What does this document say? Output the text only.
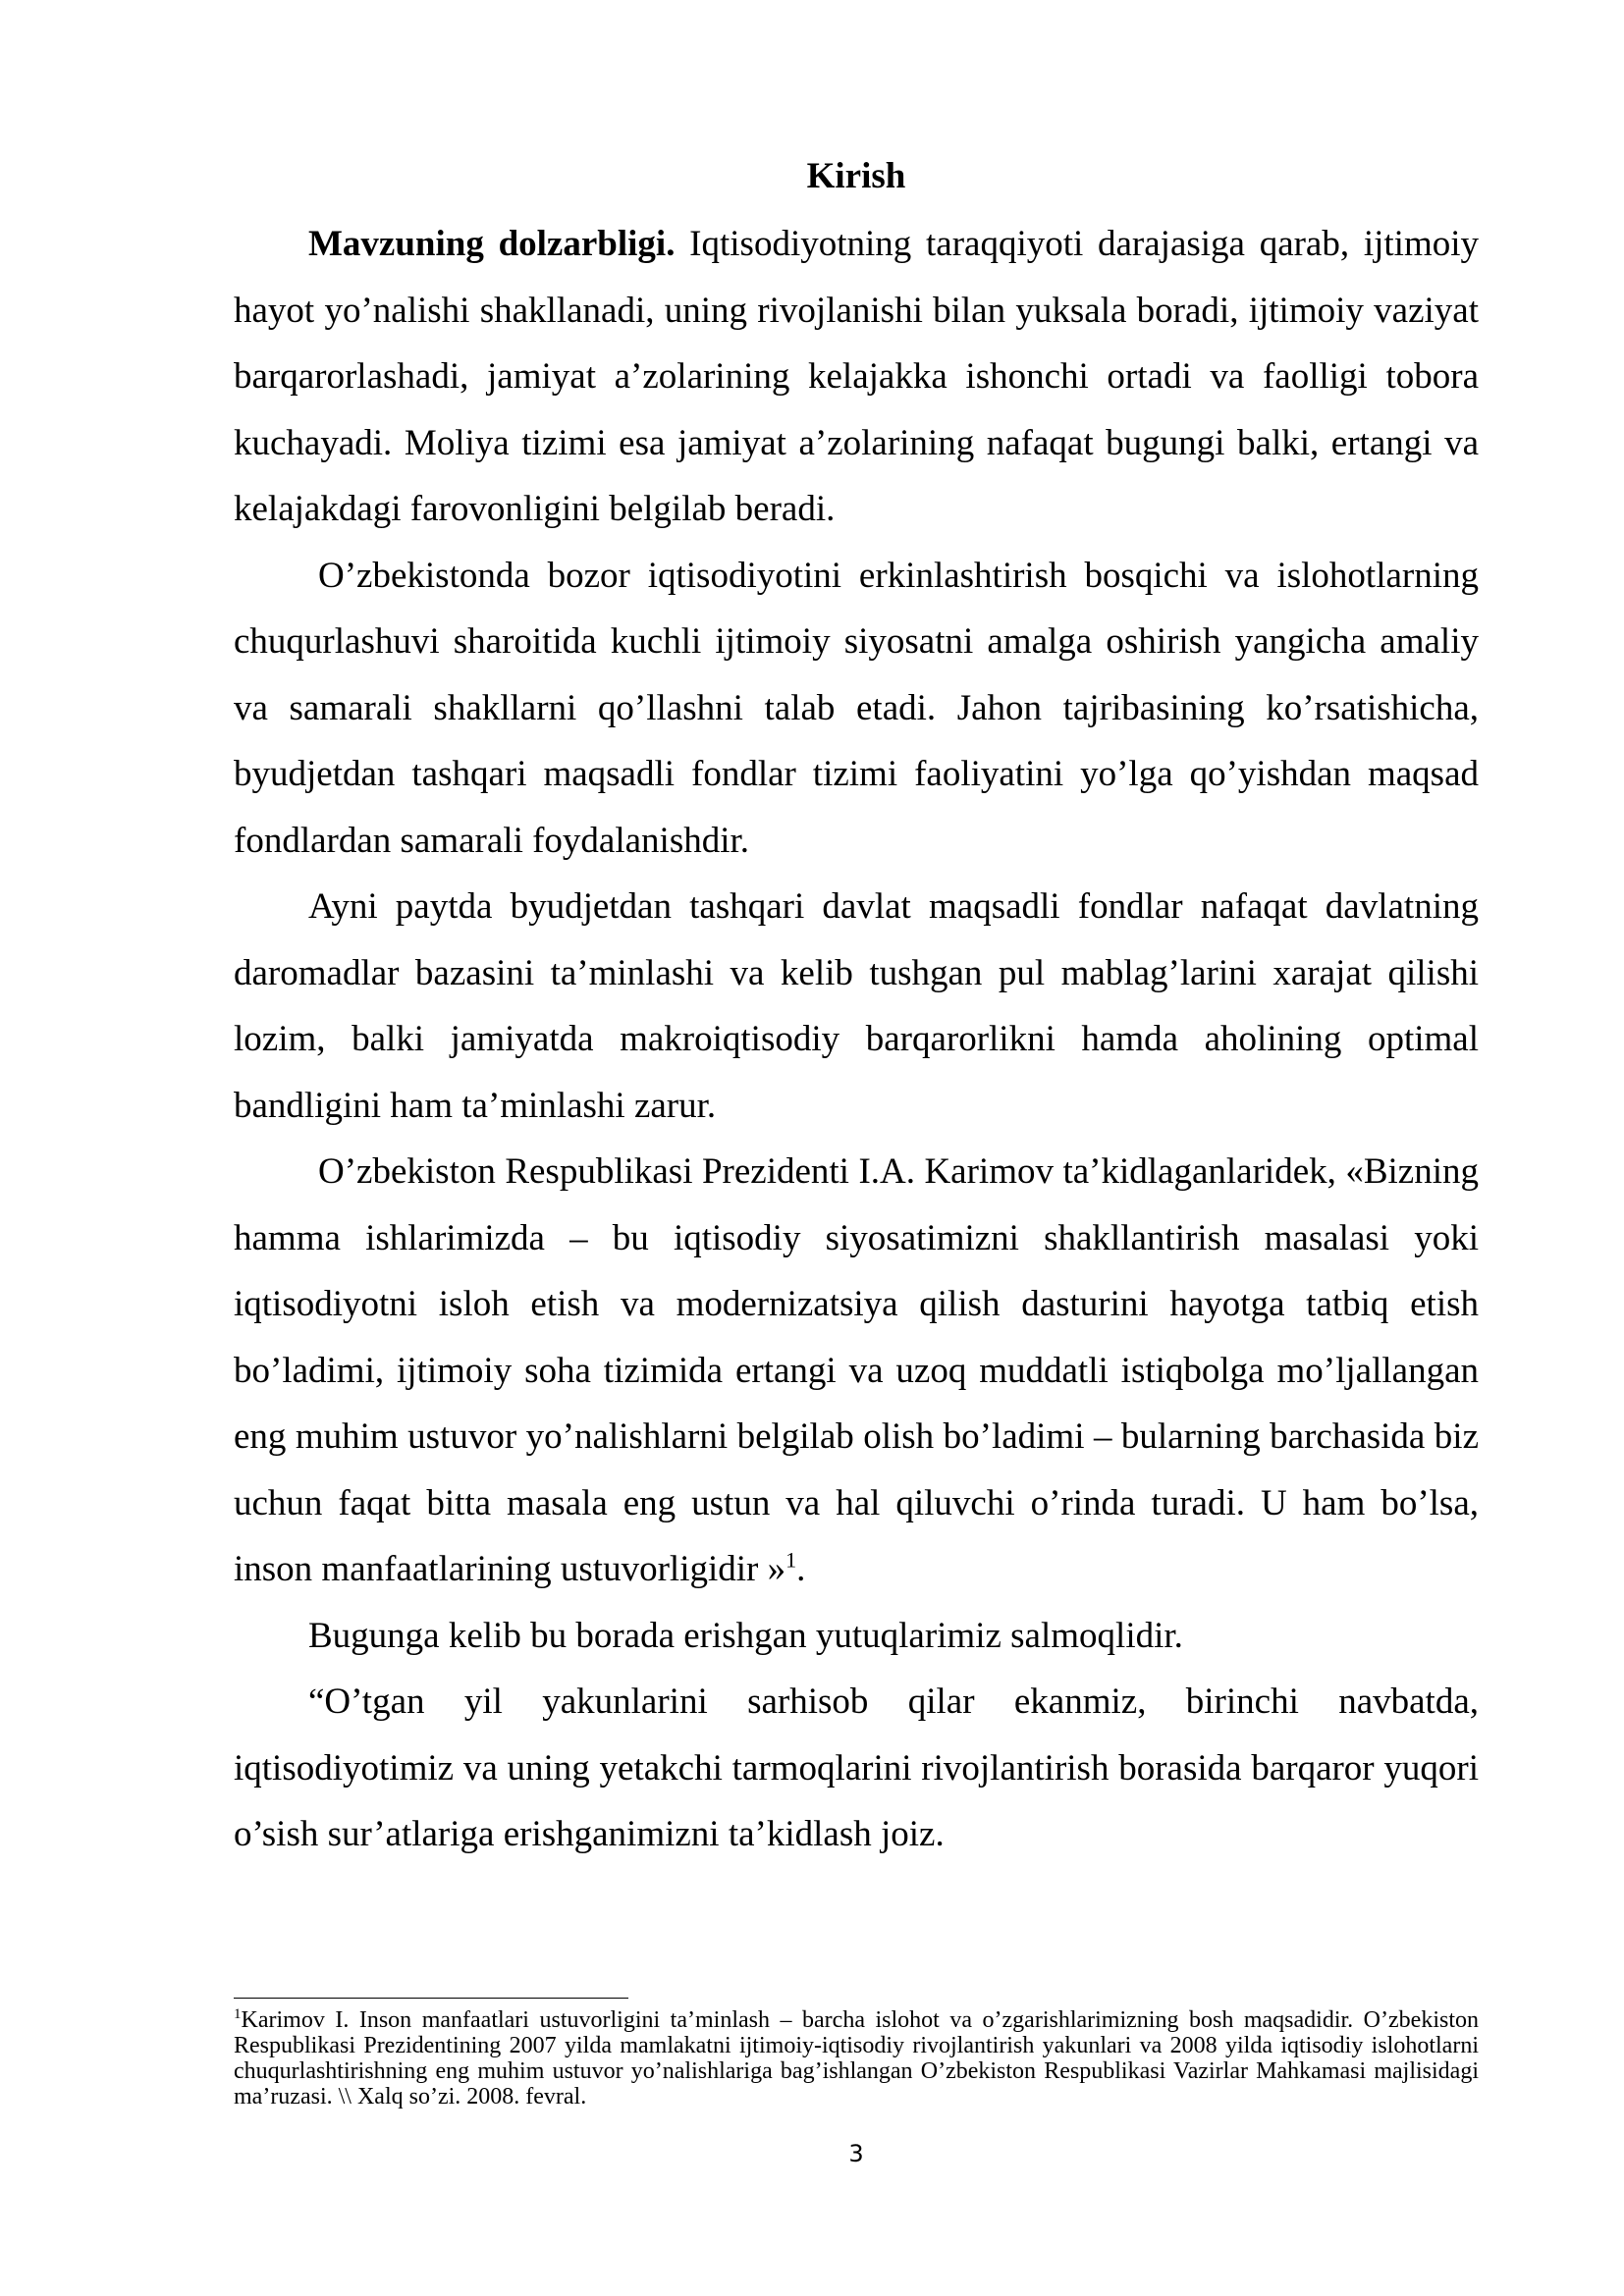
Kirish

Mavzuning dolzarbligi. Iqtisodiyotning taraqqiyoti darajasiga qarab, ijtimoiy hayot yo’nalishi shakllanadi, uning rivojlanishi bilan yuksala boradi, ijtimoiy vaziyat barqarorlashadi, jamiyat a’zolarining kelajakka ishonchi ortadi va faolligi tobora kuchayadi. Moliya tizimi esa jamiyat a’zolarining nafaqat bugungi balki, ertangi va kelajakdagi farovonligini belgilab beradi.

O’zbekistonda bozor iqtisodiyotini erkinlashtirish bosqichi va islohotlarning chuqurlashuvi sharoitida kuchli ijtimoiy siyosatni amalga oshirish yangicha amaliy va samarali shakllarni qo’llashni talab etadi. Jahon tajribasining ko’rsatishicha, byudjetdan tashqari maqsadli fondlar tizimi faoliyatini yo’lga qo’yishdan maqsad fondlardan samarali foydalanishdir.

Ayni paytda byudjetdan tashqari davlat maqsadli fondlar nafaqat davlatning daromadlar bazasini ta’minlashi va kelib tushgan pul mablag’larini xarajat qilishi lozim, balki jamiyatda makroiqtisodiy barqarorlikni hamda aholining optimal bandligini ham ta’minlashi zarur.

O’zbekiston Respublikasi Prezidenti I.A. Karimov ta’kidlaganlaridek, «Bizning hamma ishlarimizda – bu iqtisodiy siyosatimizni shakllantirish masalasi yoki iqtisodiyotni isloh etish va modernizatsiya qilish dasturini hayotga tatbiq etish bo’ladimi, ijtimoiy soha tizimida ertangi va uzoq muddatli istiqbolga mo’ljallangan eng muhim ustuvor yo’nalishlarni belgilab olish bo’ladimi – bularning barchasida biz uchun faqat bitta masala eng ustun va hal qiluvchi o’rinda turadi. U ham bo’lsa, inson manfaatlarining ustuvorligidir »$^1$.

Bugunga kelib bu borada erishgan yutuqlarimiz salmoqlidir.

“O’tgan yil yakunlarini sarhisob qilar ekanmiz, birinchi navbatda, iqtisodiyotimiz va uning yetakchi tarmoqlarini rivojlantirish borasida barqaror yuqori o’sish sur’atlariga erishganimizni ta’kidlash joiz.

$^1$Karimov I. Inson manfaatlari ustuvorligini ta’minlash – barcha islohot va o’zgarishlarimizning bosh maqsadidir. O’zbekiston Respublikasi Prezidentining 2007 yilda mamlakatni ijtimoiy-iqtisodiy rivojlantirish yakunlari va 2008 yilda iqtisodiy islohotlarni chuqurlashtirishning eng muhim ustuvor yo’nalishlariga bag’ishlangan O’zbekiston Respublikasi Vazirlar Mahkamasi majlisidagi ma’ruzasi. \\ Xalq so’zi. 2008. fevral.

3
